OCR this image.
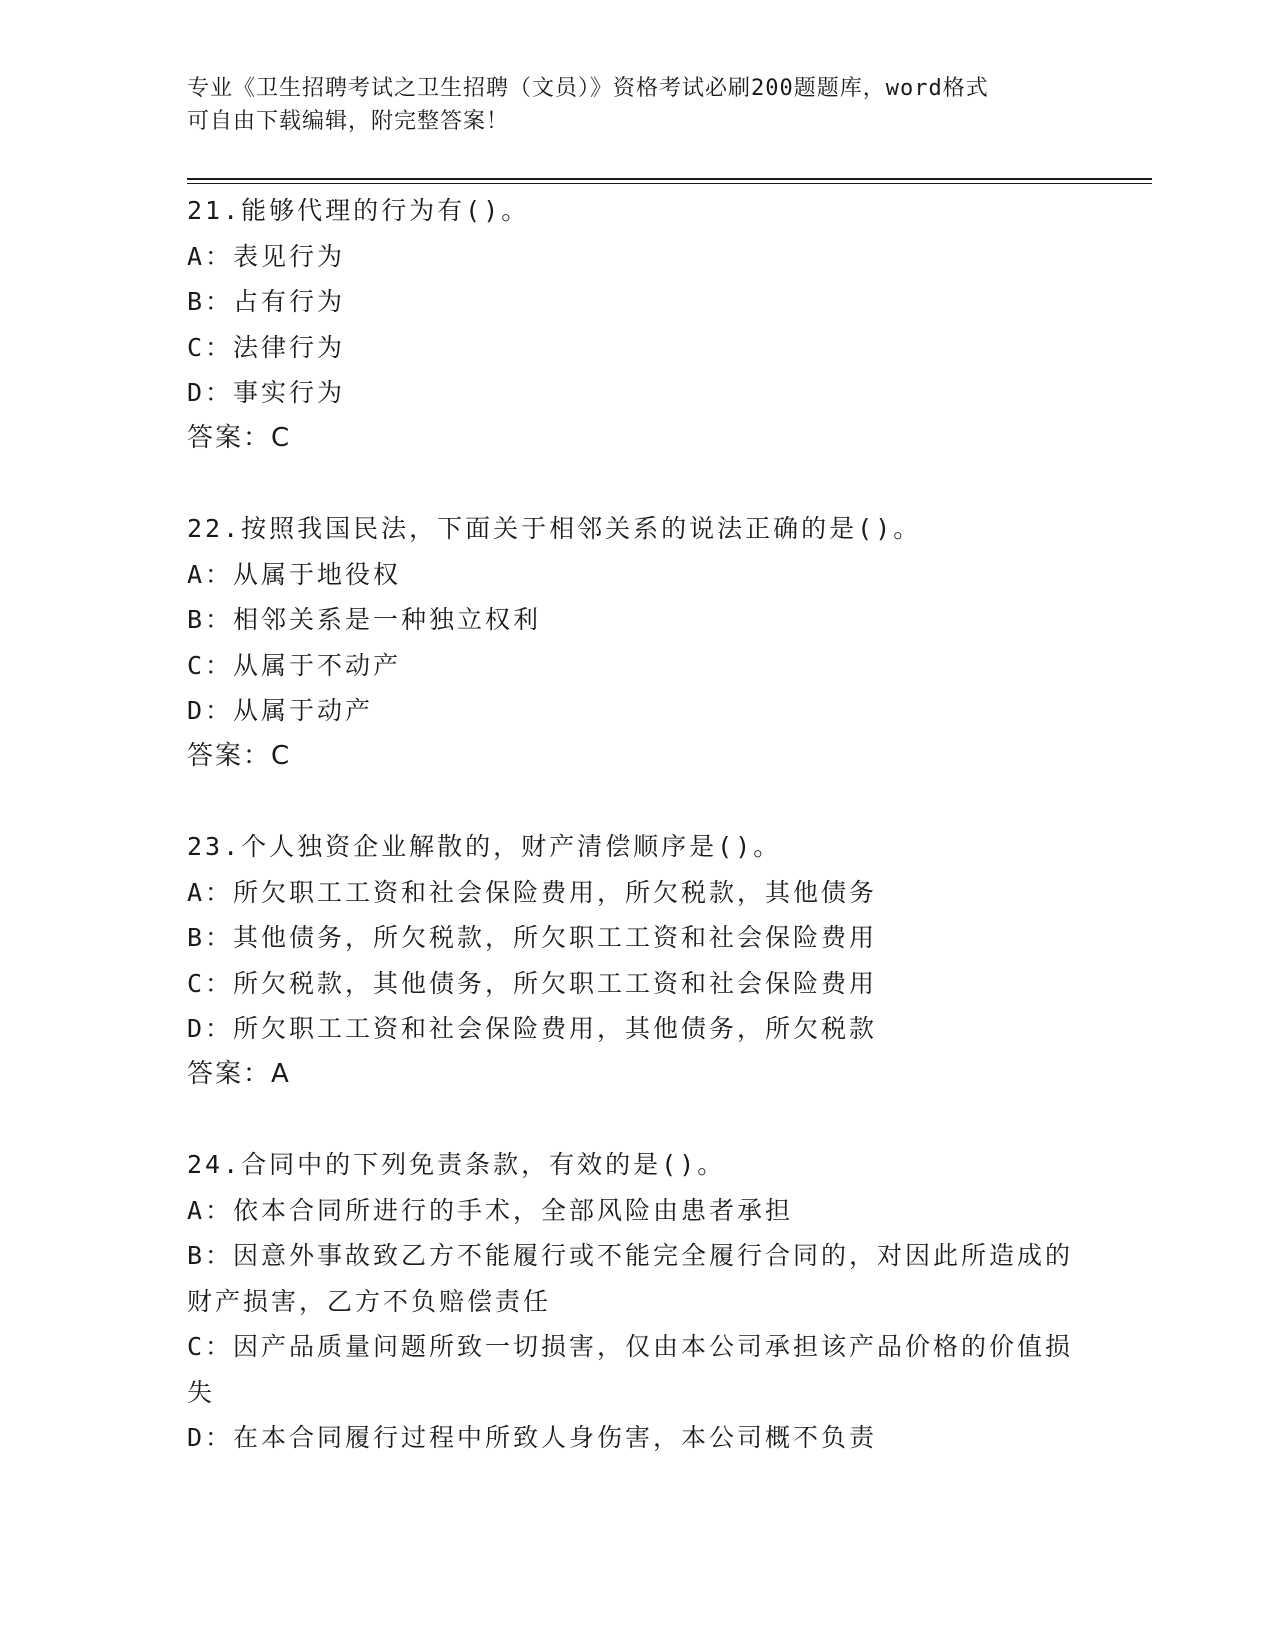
专业《卫生招聘考试之卫生招聘（文员）》资格考试必刷200题题库，word格式
可自由下载编辑，附完整答案！
21.能够代理的行为有()。
A：表见行为
B：占有行为
C：法律行为
D：事实行为
答案：C
22.按照我国民法，下面关于相邻关系的说法正确的是()。
A：从属于地役权
B：相邻关系是一种独立权利
C：从属于不动产
D：从属于动产
答案：C
23.个人独资企业解散的，财产清偿顺序是()。
A：所欠职工工资和社会保险费用，所欠税款，其他债务
B：其他债务，所欠税款，所欠职工工资和社会保险费用
C：所欠税款，其他债务，所欠职工工资和社会保险费用
D：所欠职工工资和社会保险费用，其他债务，所欠税款
答案：A
24.合同中的下列免责条款，有效的是()。
A：依本合同所进行的手术，全部风险由患者承担
B：因意外事故致乙方不能履行或不能完全履行合同的，对因此所造成的财产损害，乙方不负赔偿责任
C：因产品质量问题所致一切损害，仅由本公司承担该产品价格的价值损失
D：在本合同履行过程中所致人身伤害，本公司概不负责
